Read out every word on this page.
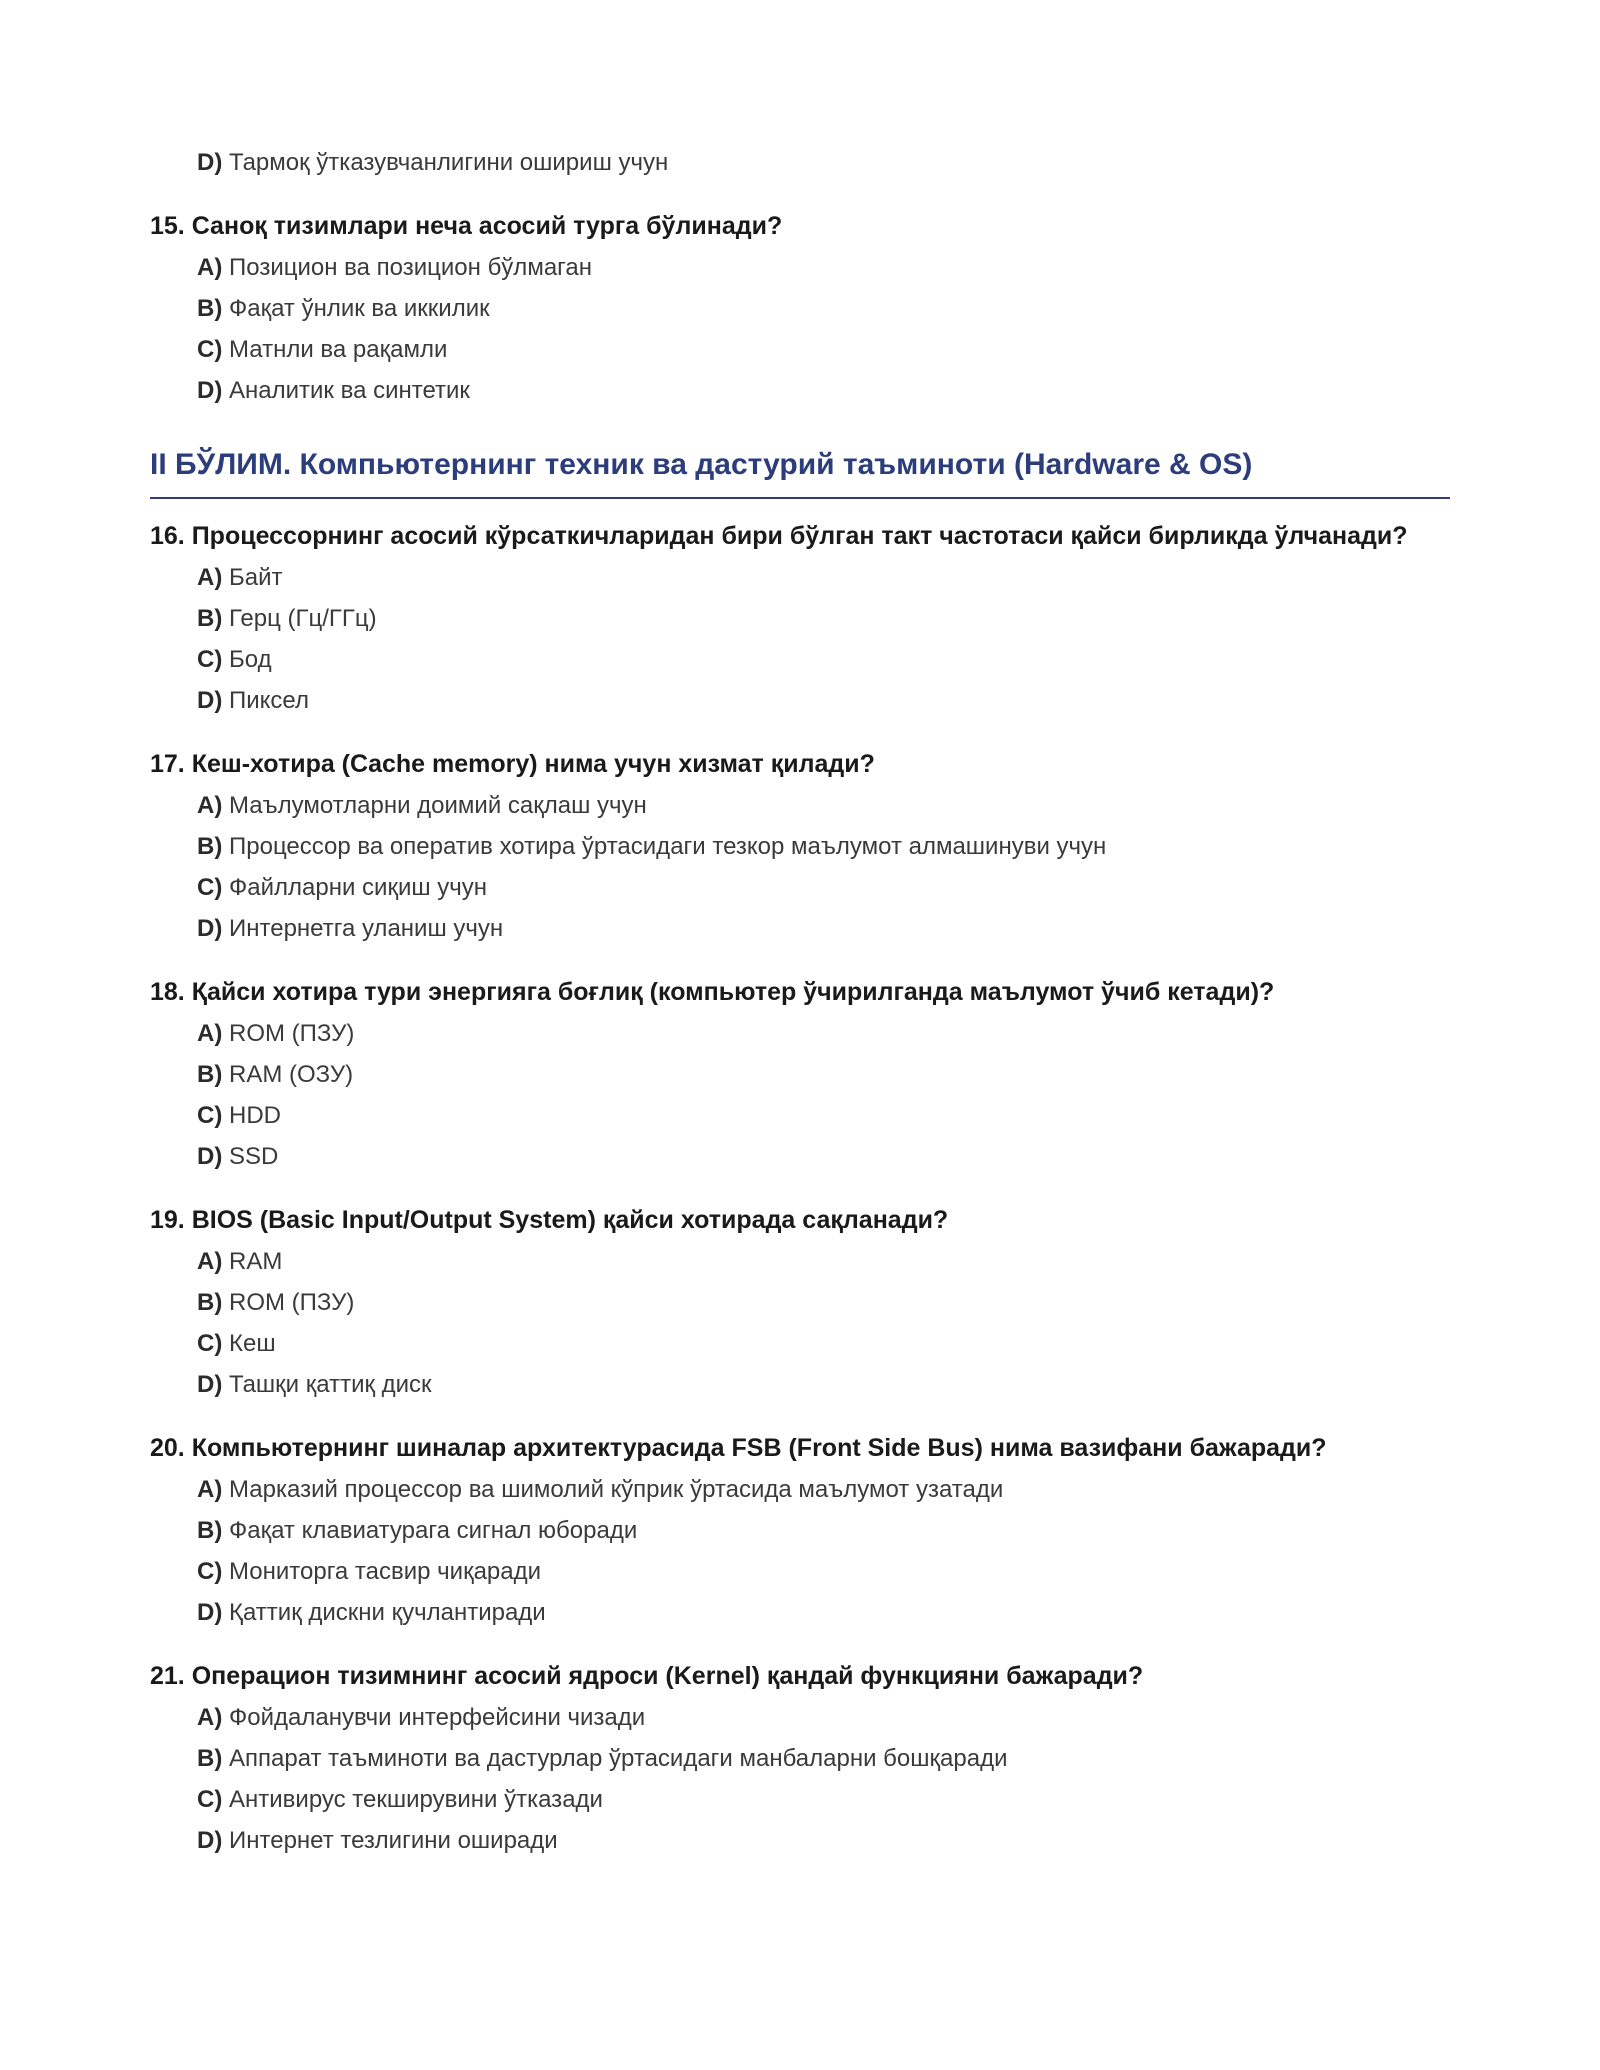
D) Тармоқ ўтказувчанлигини ошириш учун

15. Саноқ тизимлари неча асосий турга бўлинади?

A) Позицион ва позицион бўлмаган
B) Фақат ўнлик ва иккилик
C) Матнли ва рақамли
D) Аналитик ва синтетик
II БЎЛИМ. Компьютернинг техник ва дастурий таъминоти (Hardware & OS)

16. Процессорнинг асосий кўрсаткичларидан бири бўлган такт частотаси қайси бирликда ўлчанади?

A) Байт
B) Герц (Гц/ГГц)
C) Бод
D) Пиксел

17. Кеш-хотира (Cache memory) нима учун хизмат қилади?

A) Маълумотларни доимий сақлаш учун
B) Процессор ва оператив хотира ўртасидаги тезкор маълумот алмашинуви учун
C) Файлларни сиқиш учун
D) Интернетга уланиш учун

18. Қайси хотира тури энергияга боғлиқ (компьютер ўчирилганда маълумот ўчиб кетади)?

A) ROM (ПЗУ)
B) RAM (ОЗУ)
C) HDD
D) SSD

19. BIOS (Basic Input/Output System) қайси хотирада сақланади?

A) RAM
B) ROM (ПЗУ)
C) Кеш
D) Ташқи қаттиқ диск

20. Компьютернинг шиналар архитектурасида FSB (Front Side Bus) нима вазифани бажаради?

A) Марказий процессор ва шимолий кўприк ўртасида маълумот узатади
B) Фақат клавиатурага сигнал юборади
C) Мониторга тасвир чиқаради
D) Қаттиқ дискни қучлантиради

21. Операцион тизимнинг асосий ядроси (Kernel) қандай функцияни бажаради?

A) Фойдаланувчи интерфейсини чизади
B) Аппарат таъминоти ва дастурлар ўртасидаги манбаларни бошқаради
C) Антивирус текширувини ўтказади
D) Интернет тезлигини оширади
